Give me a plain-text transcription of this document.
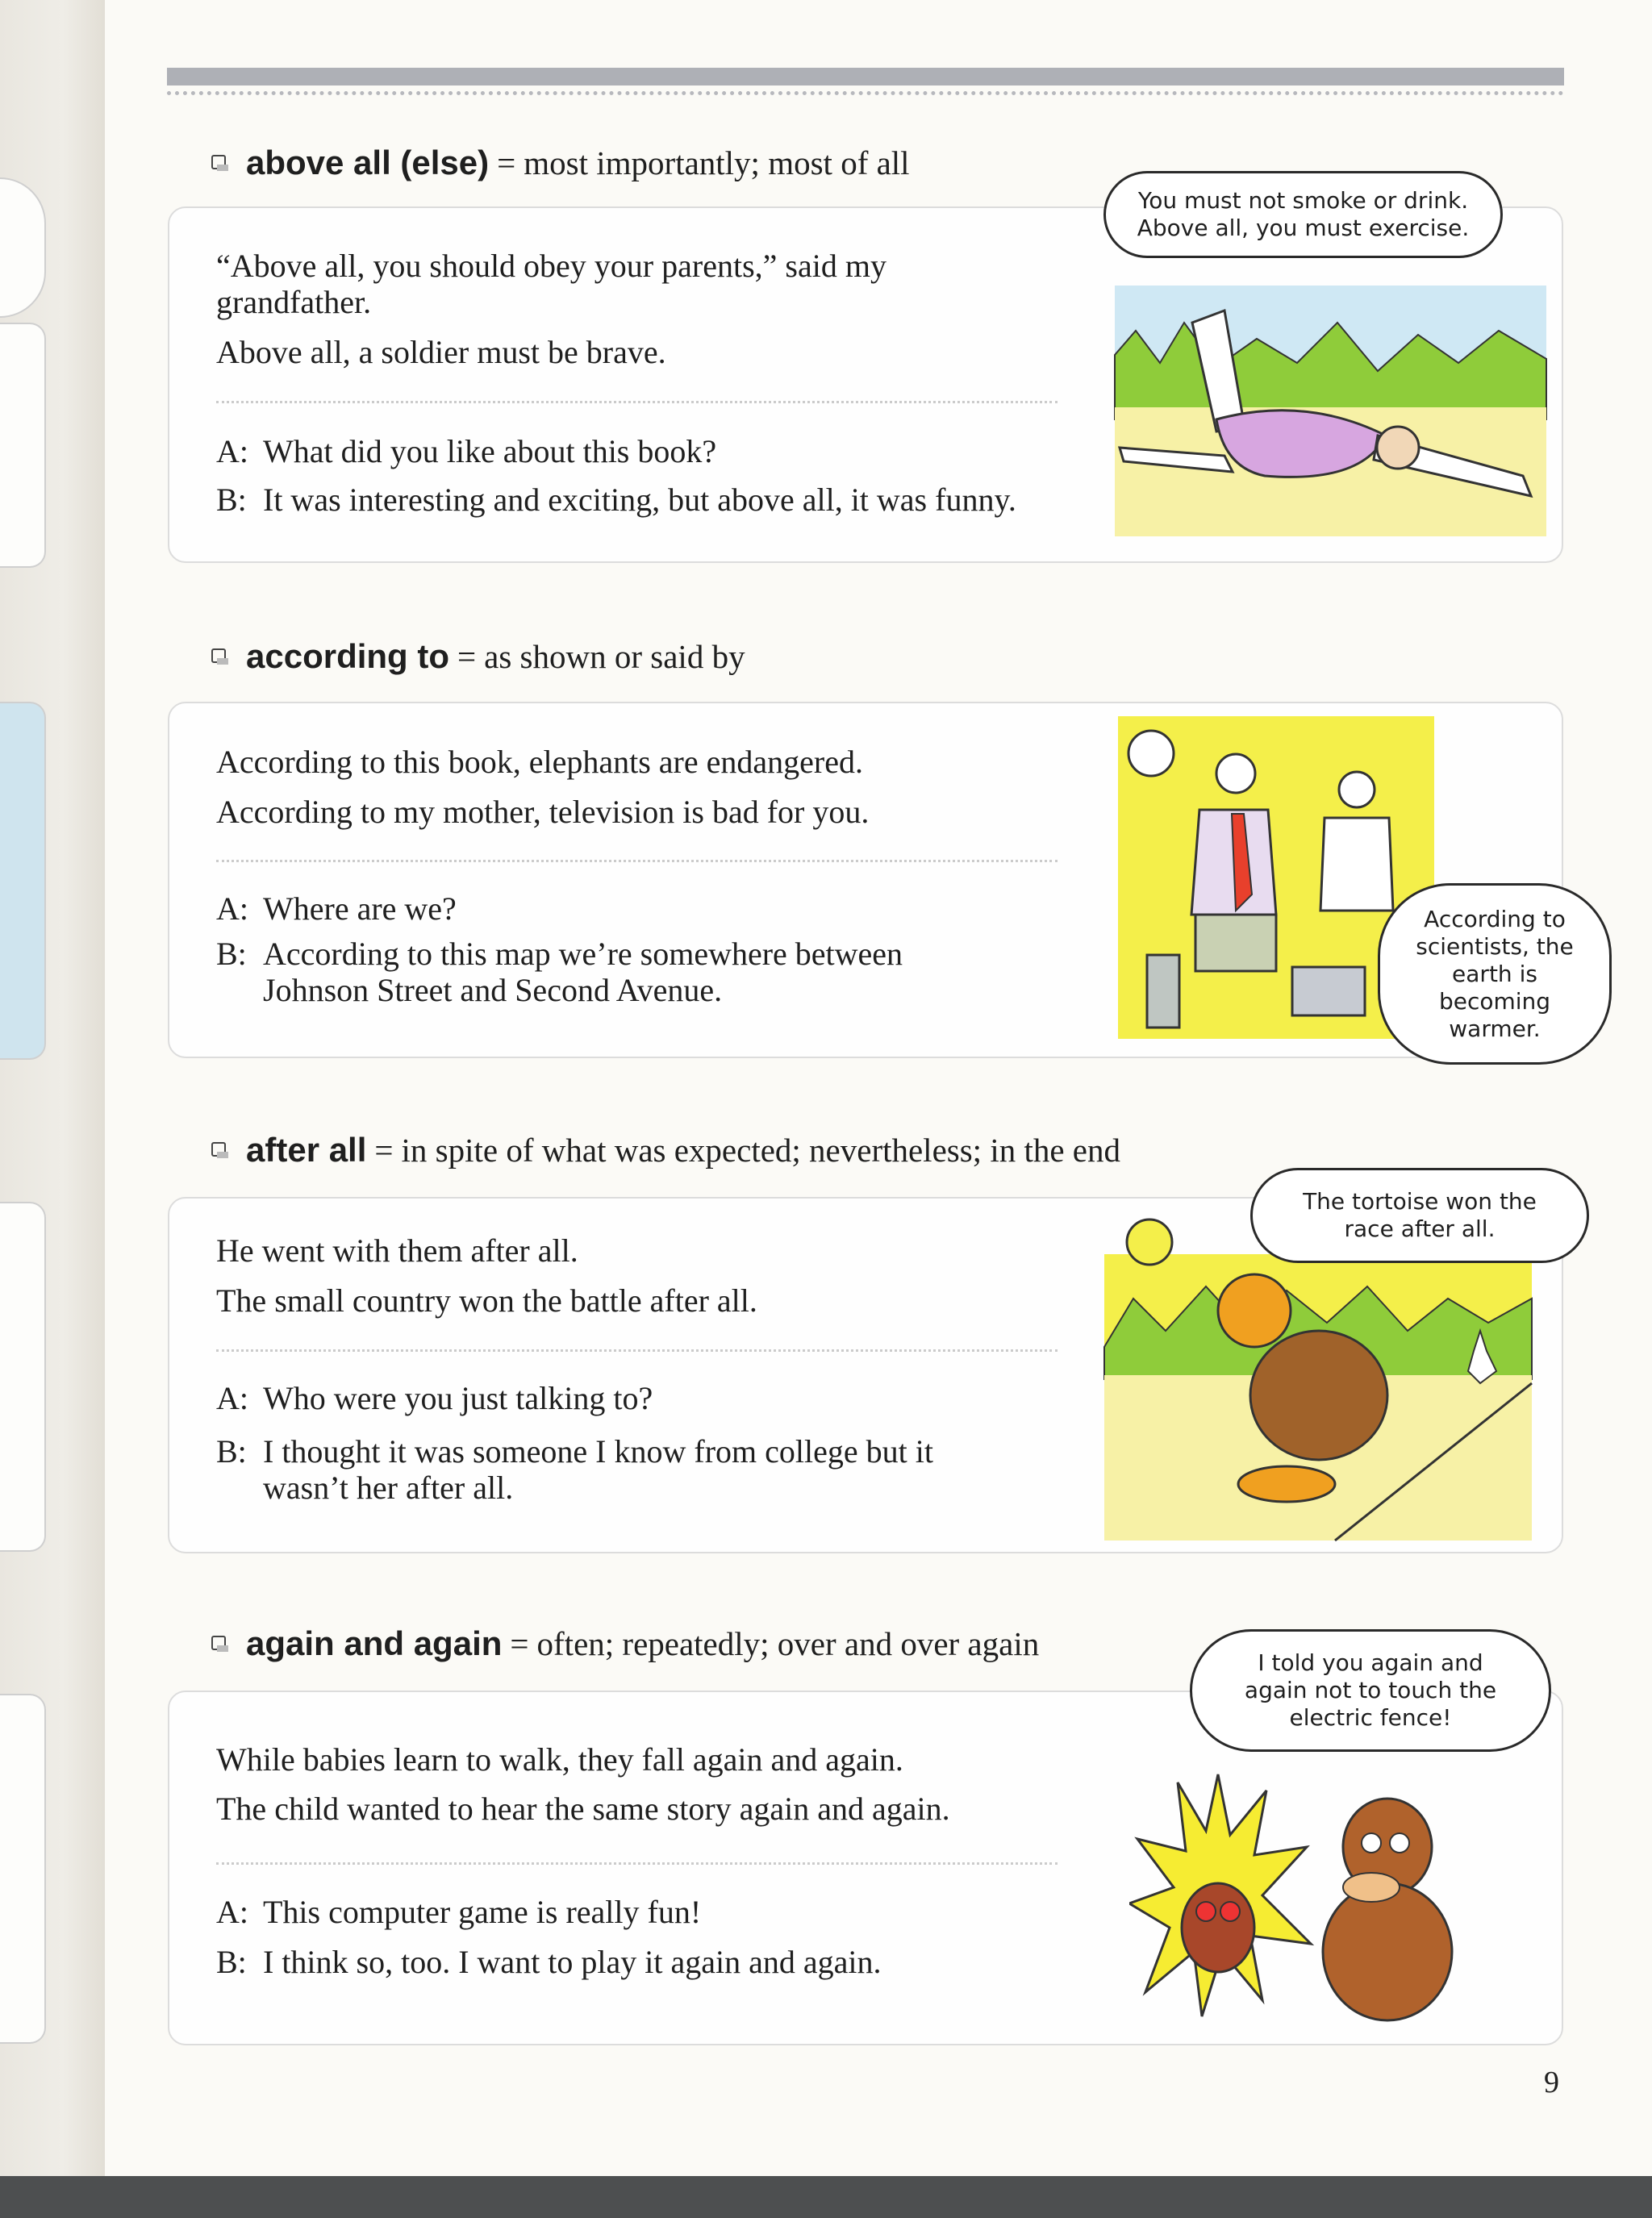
above all (else) = most importantly; most of all
“Above all, you should obey your parents,” said my
grandfather.
Above all, a soldier must be brave.
A: What did you like about this book?
B: It was interesting and exciting, but above all, it was funny.
You must not smoke or drink.
Above all, you must exercise.
according to = as shown or said by
According to this book, elephants are endangered.
According to my mother, television is bad for you.
A: Where are we?
B: According to this map we’re somewhere between
Johnson Street and Second Avenue.
According to
scientists, the
earth is
becoming
warmer.
after all = in spite of what was expected; nevertheless; in the end
He went with them after all.
The small country won the battle after all.
A: Who were you just talking to?
B: I thought it was someone I know from college but it
wasn’t her after all.
The tortoise won the
race after all.
again and again = often; repeatedly; over and over again
While babies learn to walk, they fall again and again.
The child wanted to hear the same story again and again.
A: This computer game is really fun!
B: I think so, too. I want to play it again and again.
I told you again and
again not to touch the
electric fence!
9
